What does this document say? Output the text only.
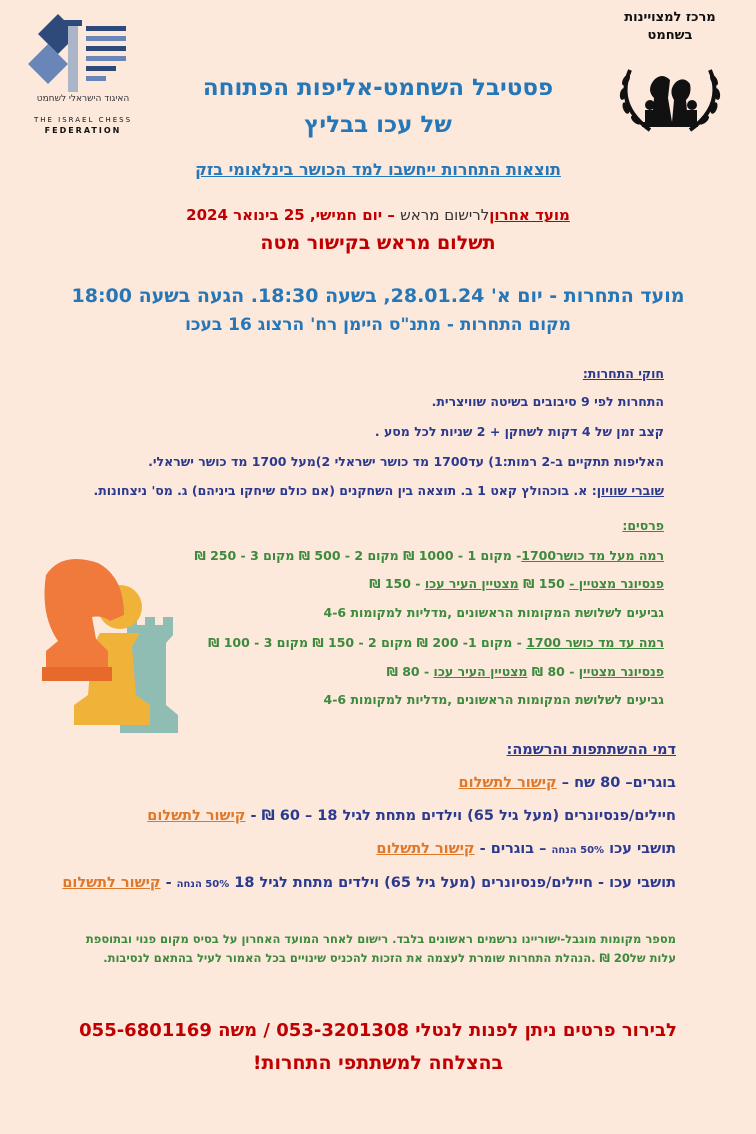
האיגוד הישראלי לשחמט
THE ISRAEL CHESS
FEDERATION
מרכז למצויינות
בשחמט
פסטיבל השחמט-אליפות הפתוחה
של עכו בבליץ
תוצאות התחרות ייחשבו למד הכושר בינלאומי בזק
מועד אחרוןלרישום מראש – יום חמישי, 25 בינואר 2024
תשלום מראש בקישור מטה
מועד התחרות - יום א' 28.01.24, בשעה 18:30. הגעה בשעה 18:00
מקום התחרות - מתנ"ס היימן רח' הרצוג 16 בעכו
חוקי התחרות:
התחרות לפי 9 סיבובים בשיטה שוויצרית.
קצב זמן של 4 דקות לשחקן + 2 שניות לכל מסע .
האליפות תתקיים ב-2 רמות:1) עד1700 מד כושר ישראלי 2)מעל 1700 מד כושר ישראלי.
שוברי שוויון: א. בוכהולץ קאט 1 ב. תוצאה בין השחקנים (אם כולם שיחקו ביניהם) ג. מס' ניצחונות.
פרסים:
רמה מעל מד כושר1700- מקום 1 - 1000 ₪ מקום 2 - 500 ₪ מקום 3 - 250 ₪
פנסיונר מצטיין - 150 ₪ מצטיין העיר עכו - 150 ₪
גביעים לשלושת המקומות הראשונים ,מדליות למקומות 4-6
רמה עד מד כושר 1700 - מקום 1- 200 ₪ מקום 2 - 150 ₪ מקום 3 - 100 ₪
פנסיונר מצטיין - 80 ₪ מצטיין העיר עכו - 80 ₪
גביעים לשלושת המקומות הראשונים ,מדליות למקומות 4-6
דמי ההשתתפות והרשמה:
בוגרים– 80 שח – קישור לתשלום
חיילים/פנסיונרים (מעל גיל 65) וילדים מתחת לגיל 18 – 60 ₪ - קישור לתשלום
תושבי עכו 50% הנחה – בוגרים - קישור לתשלום
תושבי עכו - חיילים/פנסיונרים (מעל גיל 65) וילדים מתחת לגיל 18 50% הנחה - קישור לתשלום
מספר מקומות מוגבל-ישוריינו נרשמים ראשונים בלבד. רישום לאחר המועד האחרון על בסיס מקום פנוי ובתוספת עלות של20 ₪ .הנהלת התחרות שומרת לעצמה את הזכות להכניס שינויים בכל האמור לעיל בהתאם לנסיבות.
לבירור פרטים ניתן לפנות לנטלי 053-3201308 / משה 055-6801169
בהצלחה למשתתפי התחרות!
